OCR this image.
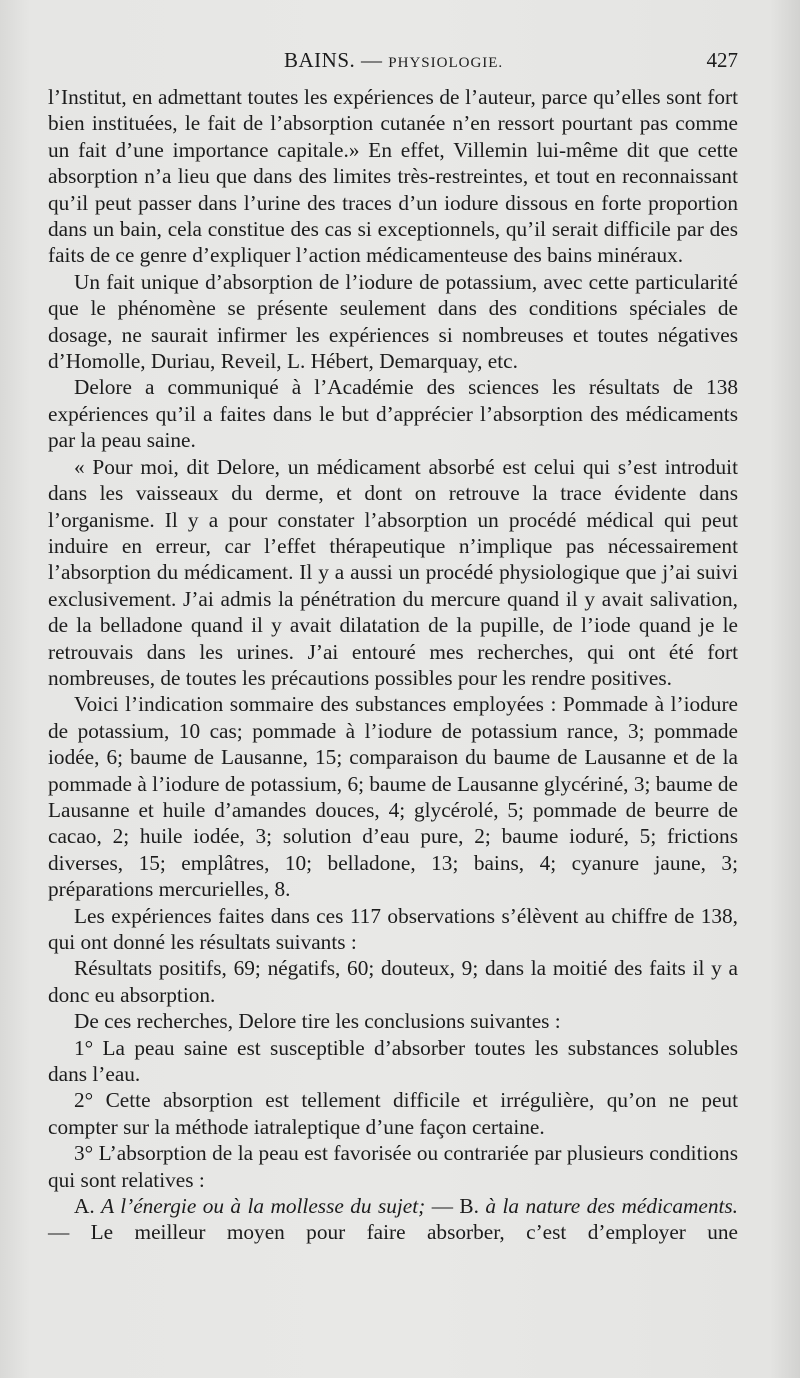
BAINS. — PHYSIOLOGIE.	427

l’Institut, en admettant toutes les expériences de l’auteur, parce qu’elles sont fort bien instituées, le fait de l’absorption cutanée n’en ressort pourtant pas comme un fait d’une importance capitale.» En effet, Villemin lui-même dit que cette absorption n’a lieu que dans des limites très-restreintes, et tout en reconnaissant qu’il peut passer dans l’urine des traces d’un iodure dissous en forte proportion dans un bain, cela constitue des cas si exceptionnels, qu’il serait difficile par des faits de ce genre d’expliquer l’action médicamenteuse des bains minéraux.

Un fait unique d’absorption de l’iodure de potassium, avec cette particularité que le phénomène se présente seulement dans des conditions spéciales de dosage, ne saurait infirmer les expériences si nombreuses et toutes négatives d’Homolle, Duriau, Reveil, L. Hébert, Demarquay, etc.

Delore a communiqué à l’Académie des sciences les résultats de 138 expériences qu’il a faites dans le but d’apprécier l’absorption des médicaments par la peau saine.

« Pour moi, dit Delore, un médicament absorbé est celui qui s’est introduit dans les vaisseaux du derme, et dont on retrouve la trace évidente dans l’organisme. Il y a pour constater l’absorption un procédé médical qui peut induire en erreur, car l’effet thérapeutique n’implique pas nécessairement l’absorption du médicament. Il y a aussi un procédé physiologique que j’ai suivi exclusivement. J’ai admis la pénétration du mercure quand il y avait salivation, de la belladone quand il y avait dilatation de la pupille, de l’iode quand je le retrouvais dans les urines. J’ai entouré mes recherches, qui ont été fort nombreuses, de toutes les précautions possibles pour les rendre positives.

Voici l’indication sommaire des substances employées : Pommade à l’iodure de potassium, 10 cas; pommade à l’iodure de potassium rance, 3; pommade iodée, 6; baume de Lausanne, 15; comparaison du baume de Lausanne et de la pommade à l’iodure de potassium, 6; baume de Lausanne glycériné, 3; baume de Lausanne et huile d’amandes douces, 4; glycérolé, 5; pommade de beurre de cacao, 2; huile iodée, 3; solution d’eau pure, 2; baume ioduré, 5; frictions diverses, 15; emplâtres, 10; belladone, 13; bains, 4; cyanure jaune, 3; préparations mercurielles, 8.

Les expériences faites dans ces 117 observations s’élèvent au chiffre de 138, qui ont donné les résultats suivants :

Résultats positifs, 69; négatifs, 60; douteux, 9; dans la moitié des faits il y a donc eu absorption.

De ces recherches, Delore tire les conclusions suivantes :

1° La peau saine est susceptible d’absorber toutes les substances solubles dans l’eau.

2° Cette absorption est tellement difficile et irrégulière, qu’on ne peut compter sur la méthode iatraleptique d’une façon certaine.

3° L’absorption de la peau est favorisée ou contrariée par plusieurs conditions qui sont relatives :

A. A l’énergie ou à la mollesse du sujet; — B. à la nature des médicaments. — Le meilleur moyen pour faire absorber, c’est d’employer une
